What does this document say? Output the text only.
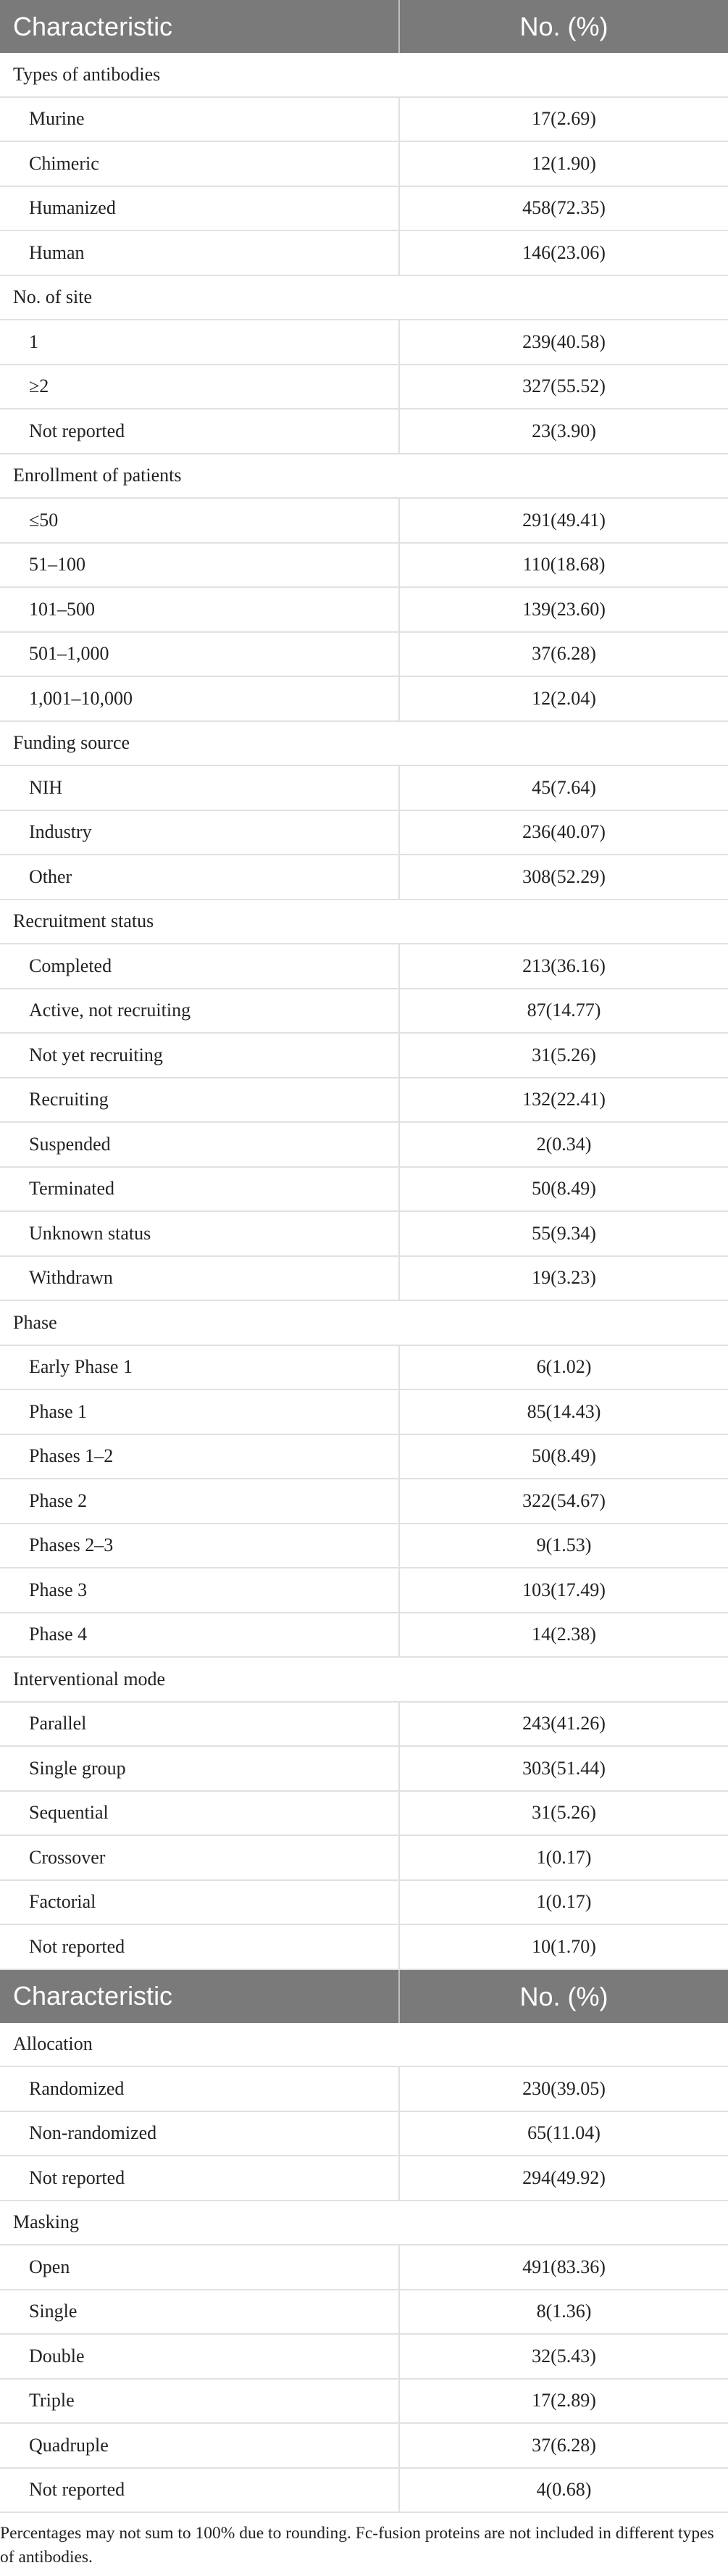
Characteristic	No. (%)
Types of antibodies
Murine	17(2.69)
Chimeric	12(1.90)
Humanized	458(72.35)
Human	146(23.06)
No. of site
1	239(40.58)
≥2	327(55.52)
Not reported	23(3.90)
Enrollment of patients
≤50	291(49.41)
51–100	110(18.68)
101–500	139(23.60)
501–1,000	37(6.28)
1,001–10,000	12(2.04)
Funding source
NIH	45(7.64)
Industry	236(40.07)
Other	308(52.29)
Recruitment status
Completed	213(36.16)
Active, not recruiting	87(14.77)
Not yet recruiting	31(5.26)
Recruiting	132(22.41)
Suspended	2(0.34)
Terminated	50(8.49)
Unknown status	55(9.34)
Withdrawn	19(3.23)
Phase
Early Phase 1	6(1.02)
Phase 1	85(14.43)
Phases 1–2	50(8.49)
Phase 2	322(54.67)
Phases 2–3	9(1.53)
Phase 3	103(17.49)
Phase 4	14(2.38)
Interventional mode
Parallel	243(41.26)
Single group	303(51.44)
Sequential	31(5.26)
Crossover	1(0.17)
Factorial	1(0.17)
Not reported	10(1.70)
Characteristic	No. (%)
Allocation
Randomized	230(39.05)
Non-randomized	65(11.04)
Not reported	294(49.92)
Masking
Open	491(83.36)
Single	8(1.36)
Double	32(5.43)
Triple	17(2.89)
Quadruple	37(6.28)
Not reported	4(0.68)
Percentages may not sum to 100% due to rounding. Fc-fusion proteins are not included in different types of antibodies.
